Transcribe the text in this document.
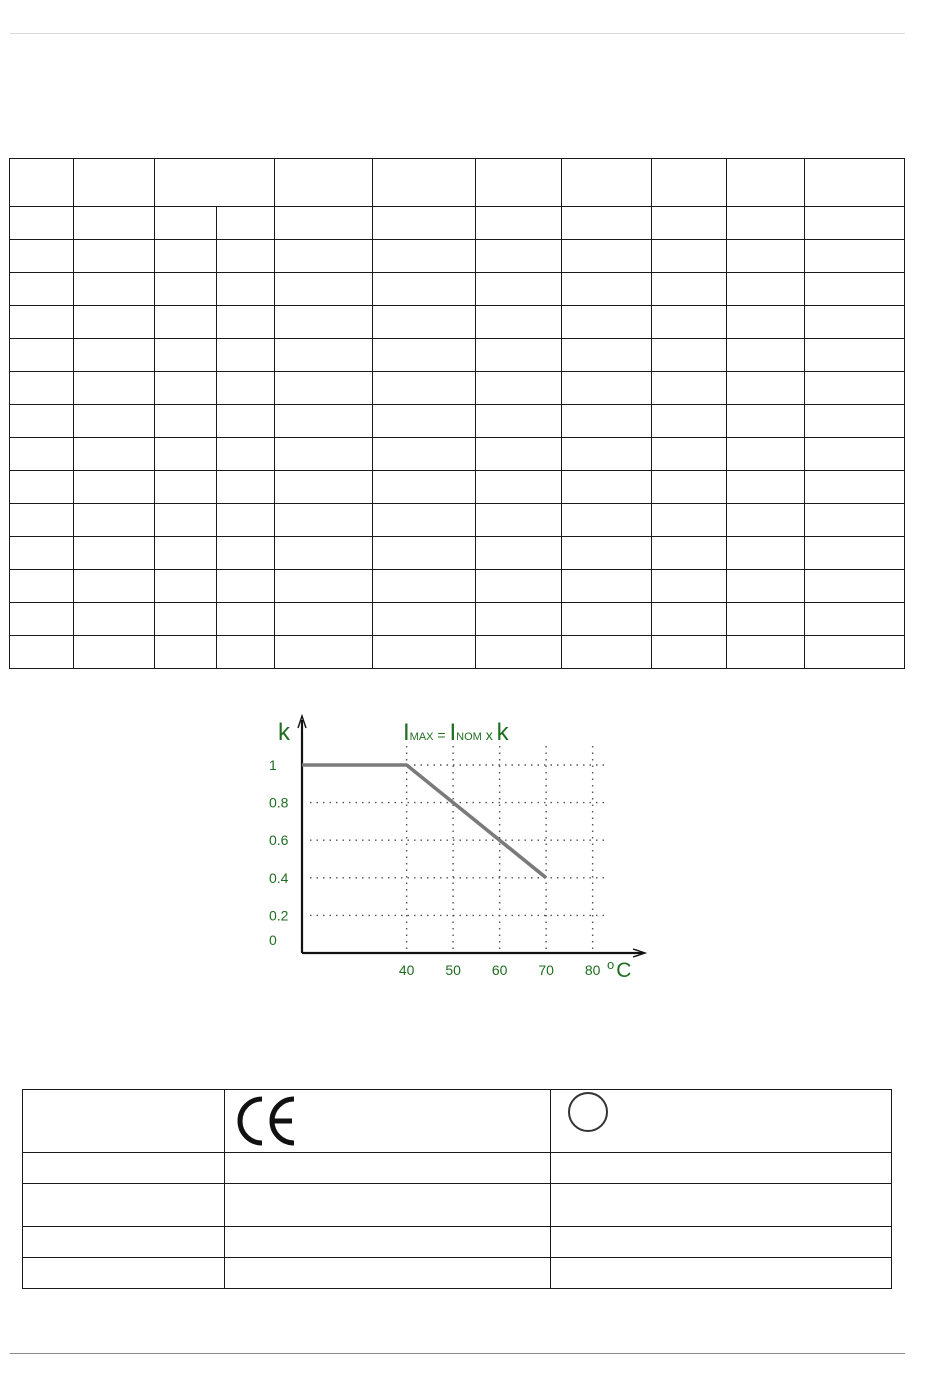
0
0.2
0.4
0.6
0.8
1
40 50 60 70 80
k
$^o$C
IMAX = INOM x k
